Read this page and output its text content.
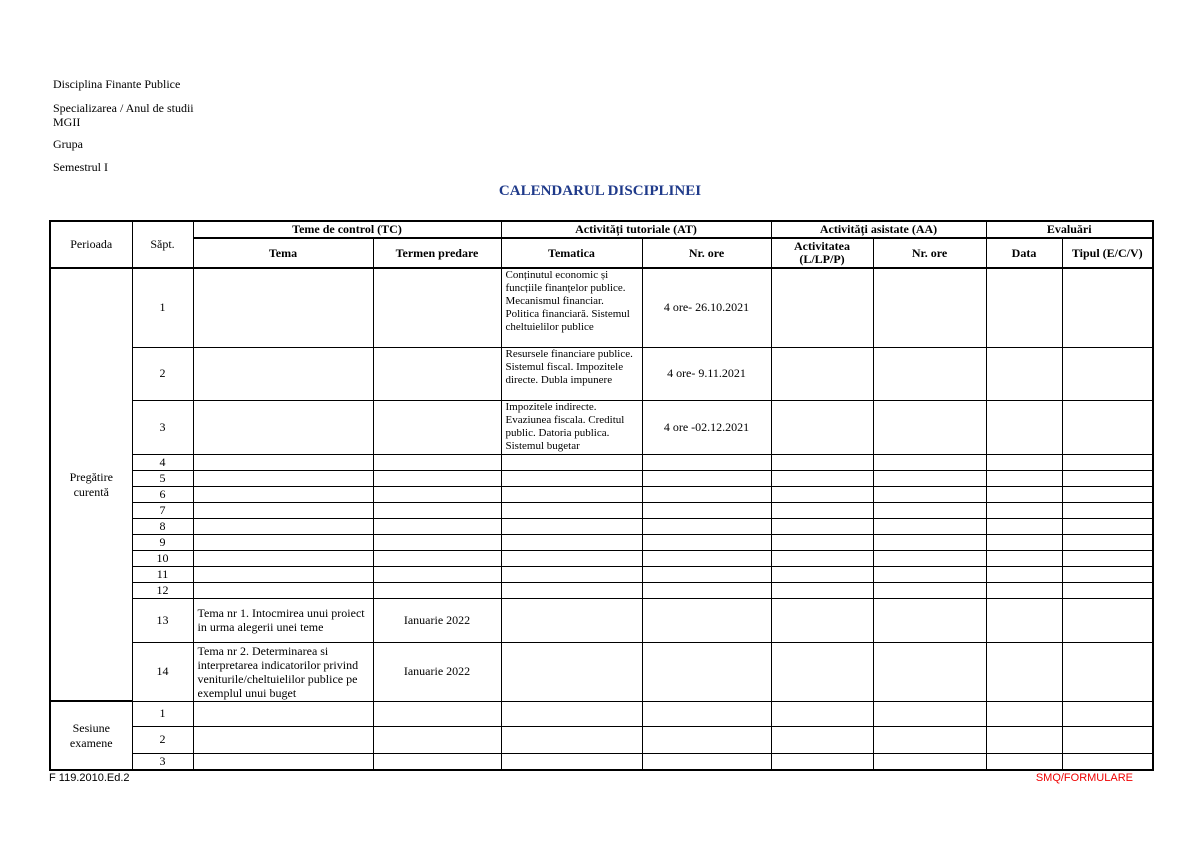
Disciplina Finante Publice
Specializarea / Anul de studii
MGII
Grupa
Semestrul I
CALENDARUL DISCIPLINEI
Perioada	Săpt.	Teme de control (TC)		Activități tutoriale (AT)		Activități asistate (AA)		Evaluări	
		Tema	Termen predare	Tematica	Nr. ore	Activitatea (L/LP/P)	Nr. ore	Data	Tipul (E/C/V)
Pregătire curentă	1			Conținutul economic și funcțiile finanțelor publice. Mecanismul financiar. Politica financiară. Sistemul cheltuielilor publice	4 ore- 26.10.2021				
	2			Resursele financiare publice. Sistemul fiscal. Impozitele directe. Dubla impunere	4 ore- 9.11.2021				
	3			Impozitele indirecte. Evaziunea fiscala. Creditul public. Datoria publica. Sistemul bugetar	4 ore -02.12.2021				
	4								
	5								
	6								
	7								
	8								
	9								
	10								
	11								
	12								
	13	Tema nr 1. Intocmirea unui proiect in urma alegerii unei teme	Ianuarie 2022						
	14	Tema nr 2. Determinarea si interpretarea indicatorilor privind veniturile/cheltuielilor publice pe exemplul unui buget	Ianuarie 2022						
Sesiune examene	1								
	2								
	3								
F 119.2010.Ed.2	SMQ/FORMULARE
